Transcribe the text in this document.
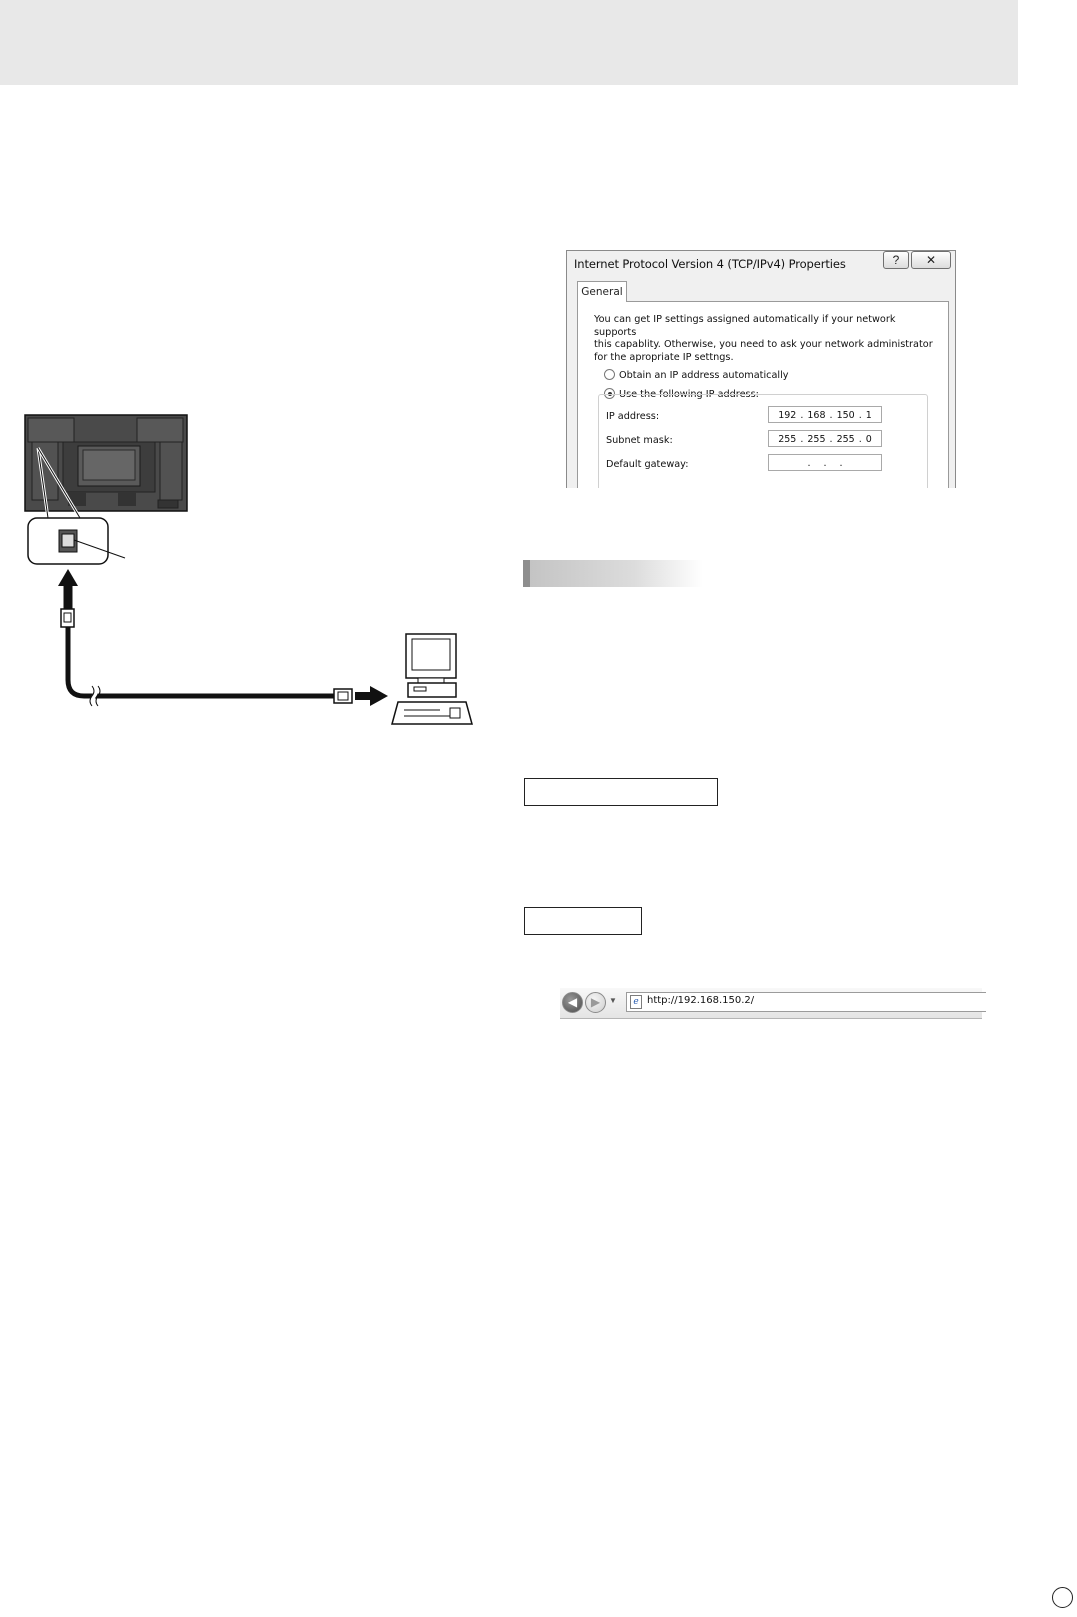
Internet Protocol Version 4 (TCP/IPv4) Properties	?	✕
General

You can get IP settings assigned automatically if your network supports
this capablity. Otherwise, you need to ask your network administrator
for the apropriate IP settngs.

Obtain an IP address automatically
Use the following IP address:
IP address:	192 . 168 . 150 . 1
Subnet mask:	255 . 255 . 255 . 0
Default gateway:	. . .
◀	▶	▼	e http://192.168.150.2/
